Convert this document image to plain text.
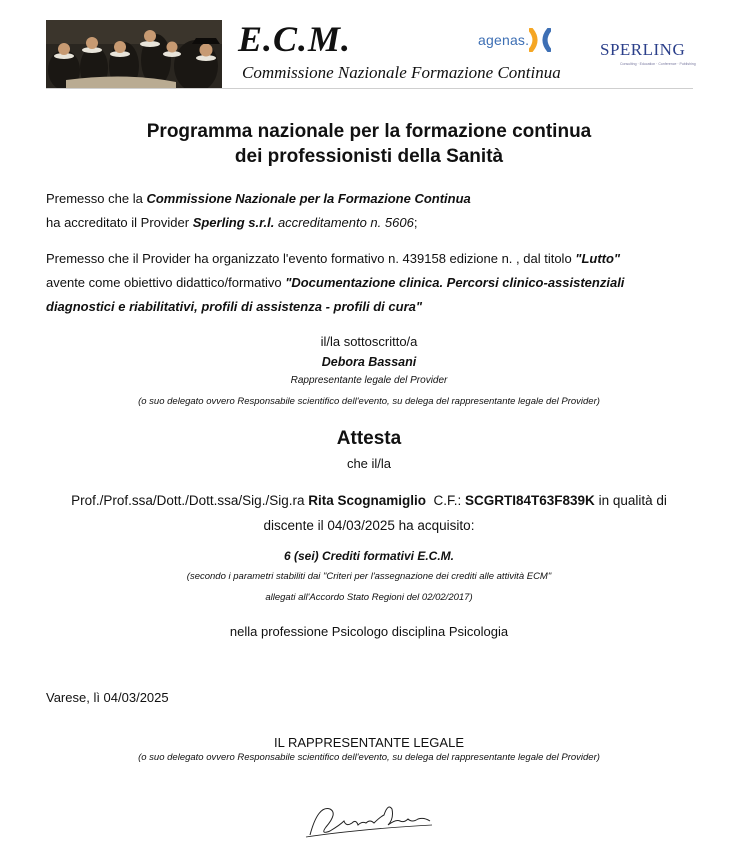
E.C.M.
Commissione Nazionale Formazione Continua
agenas.	SPERLING
Consulting · Education · Conference · Publishing
Programma nazionale per la formazione continua
dei professionisti della Sanità
Premesso che la Commissione Nazionale per la Formazione Continua
ha accreditato il Provider Sperling s.r.l. accreditamento n. 5606;
Premesso che il Provider ha organizzato l'evento formativo n. 439158 edizione n. , dal titolo "Lutto"
avente come obiettivo didattico/formativo "Documentazione clinica. Percorsi clinico-assistenziali diagnostici e riabilitativi, profili di assistenza - profili di cura"
il/la sottoscritto/a
Debora Bassani
Rappresentante legale del Provider
(o suo delegato ovvero Responsabile scientifico dell'evento, su delega del rappresentante legale del Provider)
Attesta
che il/la
Prof./Prof.ssa/Dott./Dott.ssa/Sig./Sig.ra Rita Scognamiglio  C.F.: SCGRTI84T63F839K in qualità di discente il 04/03/2025 ha acquisito:
6 (sei) Crediti formativi E.C.M.
(secondo i parametri stabiliti dai "Criteri per l'assegnazione dei crediti alle attività ECM"
allegati all'Accordo Stato Regioni del 02/02/2017)
nella professione Psicologo disciplina Psicologia
Varese, lì 04/03/2025
IL RAPPRESENTANTE LEGALE
(o suo delegato ovvero Responsabile scientifico dell'evento, su delega del rappresentante legale del Provider)
